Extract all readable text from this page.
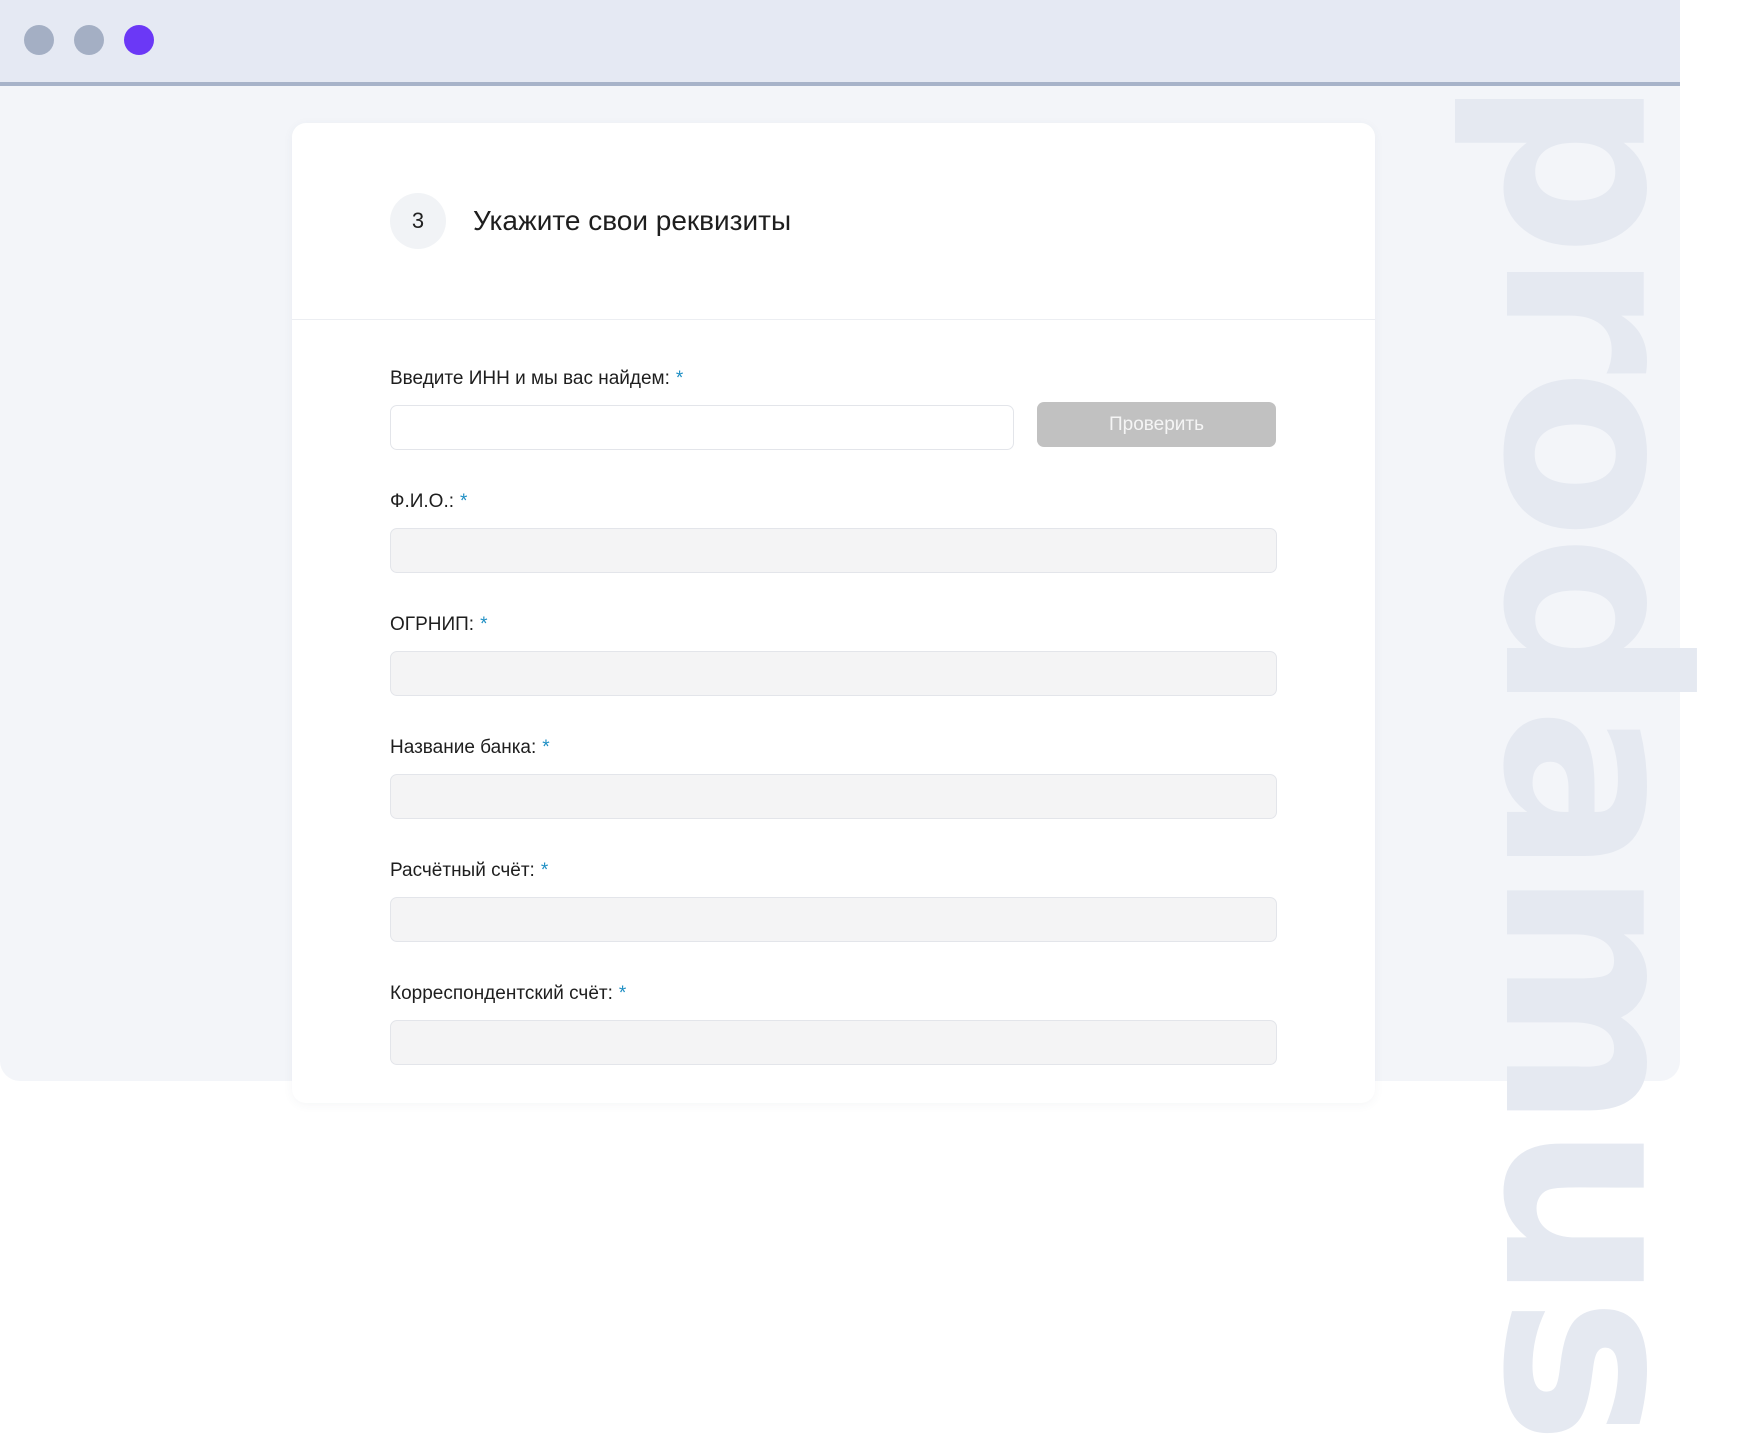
prodamus
3	Укажите свои реквизиты
Введите ИНН и мы вас найдем: *
Проверить
Ф.И.О.: *
ОГРНИП: *
Название банка: *
Расчётный счёт: *
Корреспондентский счёт: *
